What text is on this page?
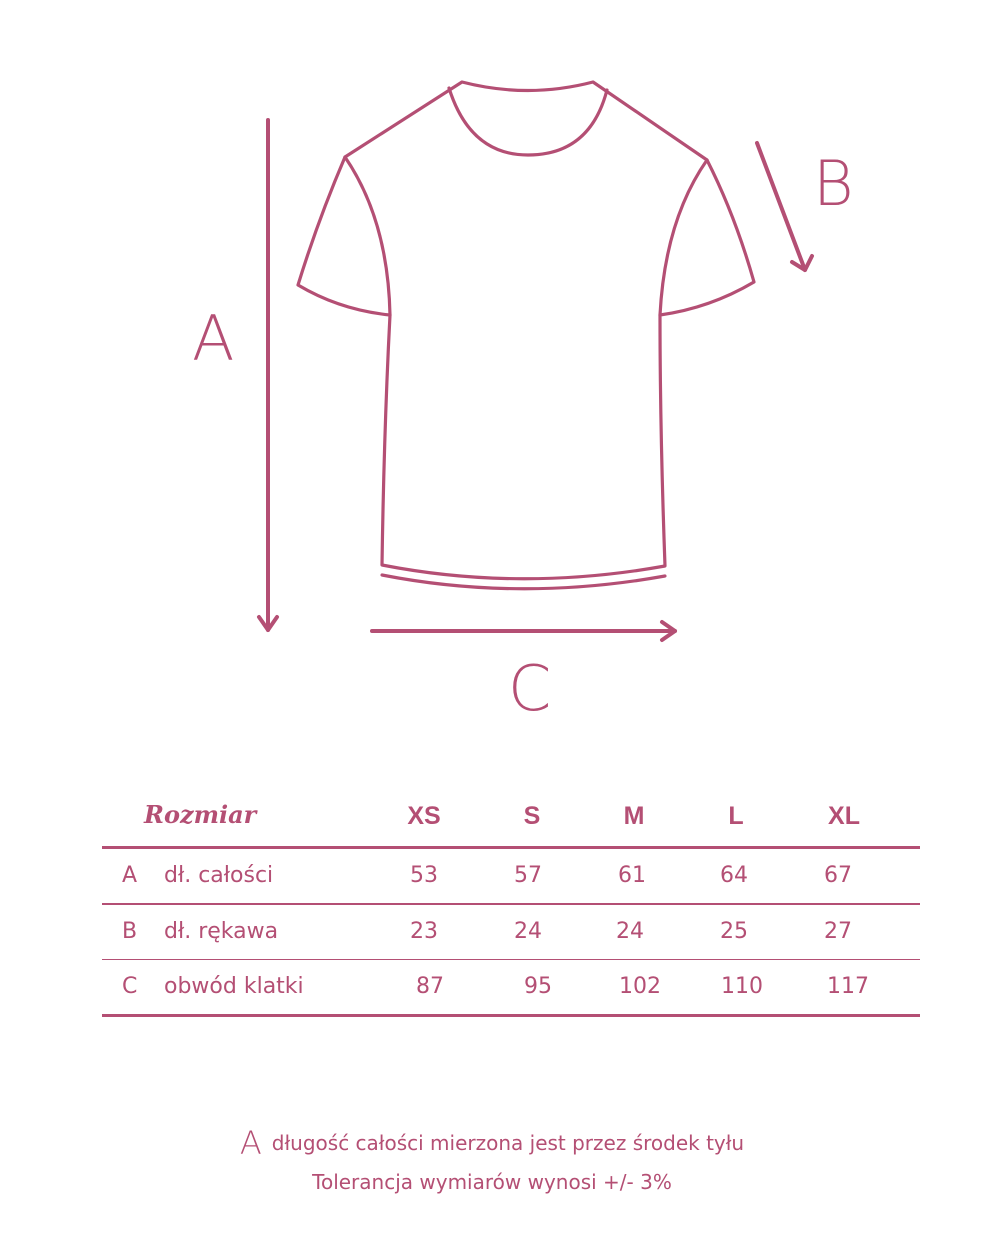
A
B
C
Rozmiar	XS	S	M	L	XL
A dł. całości	53	57	61	64	67
B dł. rękawa	23	24	24	25	27
C obwód klatki	87	95	102	110	117
Adługość całości mierzona jest przez środek tyłu
Tolerancja wymiarów wynosi +/- 3%
